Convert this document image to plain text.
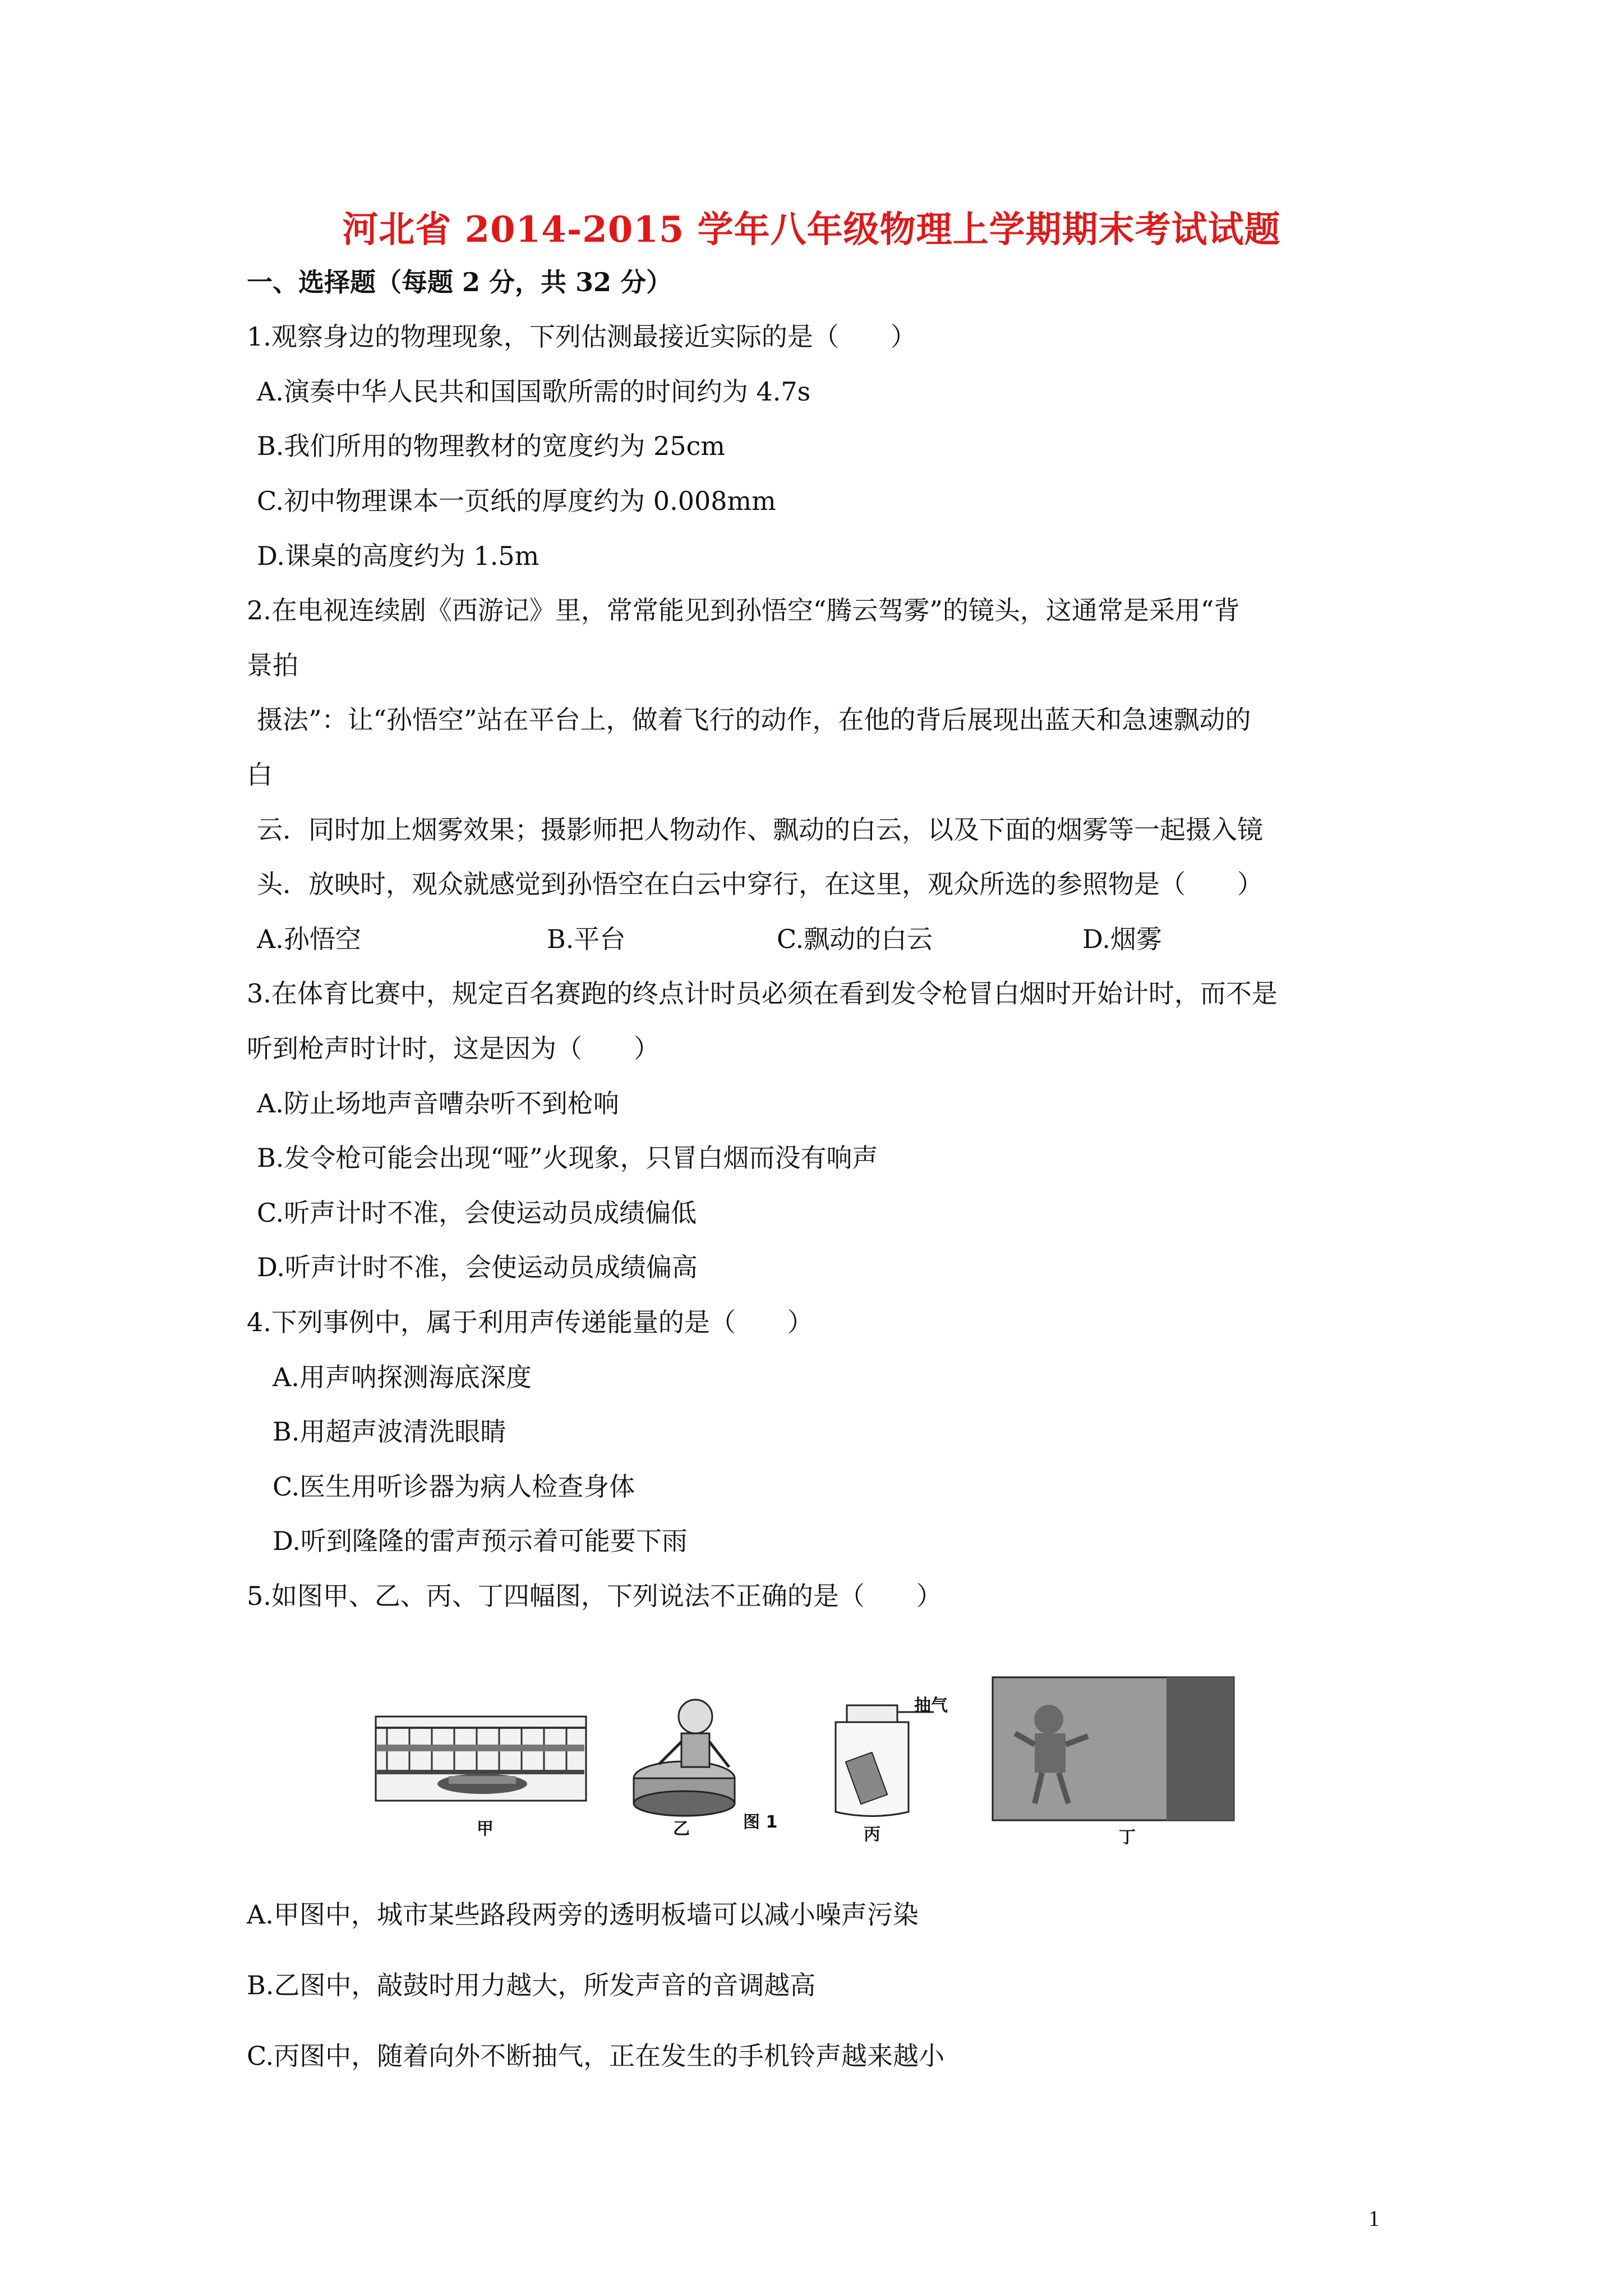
河北省 2014-2015 学年八年级物理上学期期末考试试题
一、选择题（每题 2 分，共 32 分）
1.观察身边的物理现象，下列估测最接近实际的是（　　）
A.演奏中华人民共和国国歌所需的时间约为 4.7s
B.我们所用的物理教材的宽度约为 25cm
C.初中物理课本一页纸的厚度约为 0.008mm
D.课桌的高度约为 1.5m
2.在电视连续剧《西游记》里，常常能见到孙悟空“腾云驾雾”的镜头，这通常是采用“背
景拍
摄法”：让“孙悟空”站在平台上，做着飞行的动作，在他的背后展现出蓝天和急速飘动的
白
云．同时加上烟雾效果；摄影师把人物动作、飘动的白云，以及下面的烟雾等一起摄入镜
头．放映时，观众就感觉到孙悟空在白云中穿行，在这里，观众所选的参照物是（　　）
A.孙悟空	B.平台	C.飘动的白云	D.烟雾
3.在体育比赛中，规定百名赛跑的终点计时员必须在看到发令枪冒白烟时开始计时，而不是
听到枪声时计时，这是因为（　　）
A.防止场地声音嘈杂听不到枪响
B.发令枪可能会出现“哑”火现象，只冒白烟而没有响声
C.听声计时不准，会使运动员成绩偏低
D.听声计时不准，会使运动员成绩偏高
4.下列事例中，属于利用声传递能量的是（　　）
A.用声呐探测海底深度
B.用超声波清洗眼睛
C.医生用听诊器为病人检查身体
D.听到隆隆的雷声预示着可能要下雨
5.如图甲、乙、丙、丁四幅图，下列说法不正确的是（　　）
甲	乙	图 1
抽气
丙	丁
A.甲图中，城市某些路段两旁的透明板墙可以减小噪声污染
B.乙图中，敲鼓时用力越大，所发声音的音调越高
C.丙图中，随着向外不断抽气，正在发生的手机铃声越来越小
1
